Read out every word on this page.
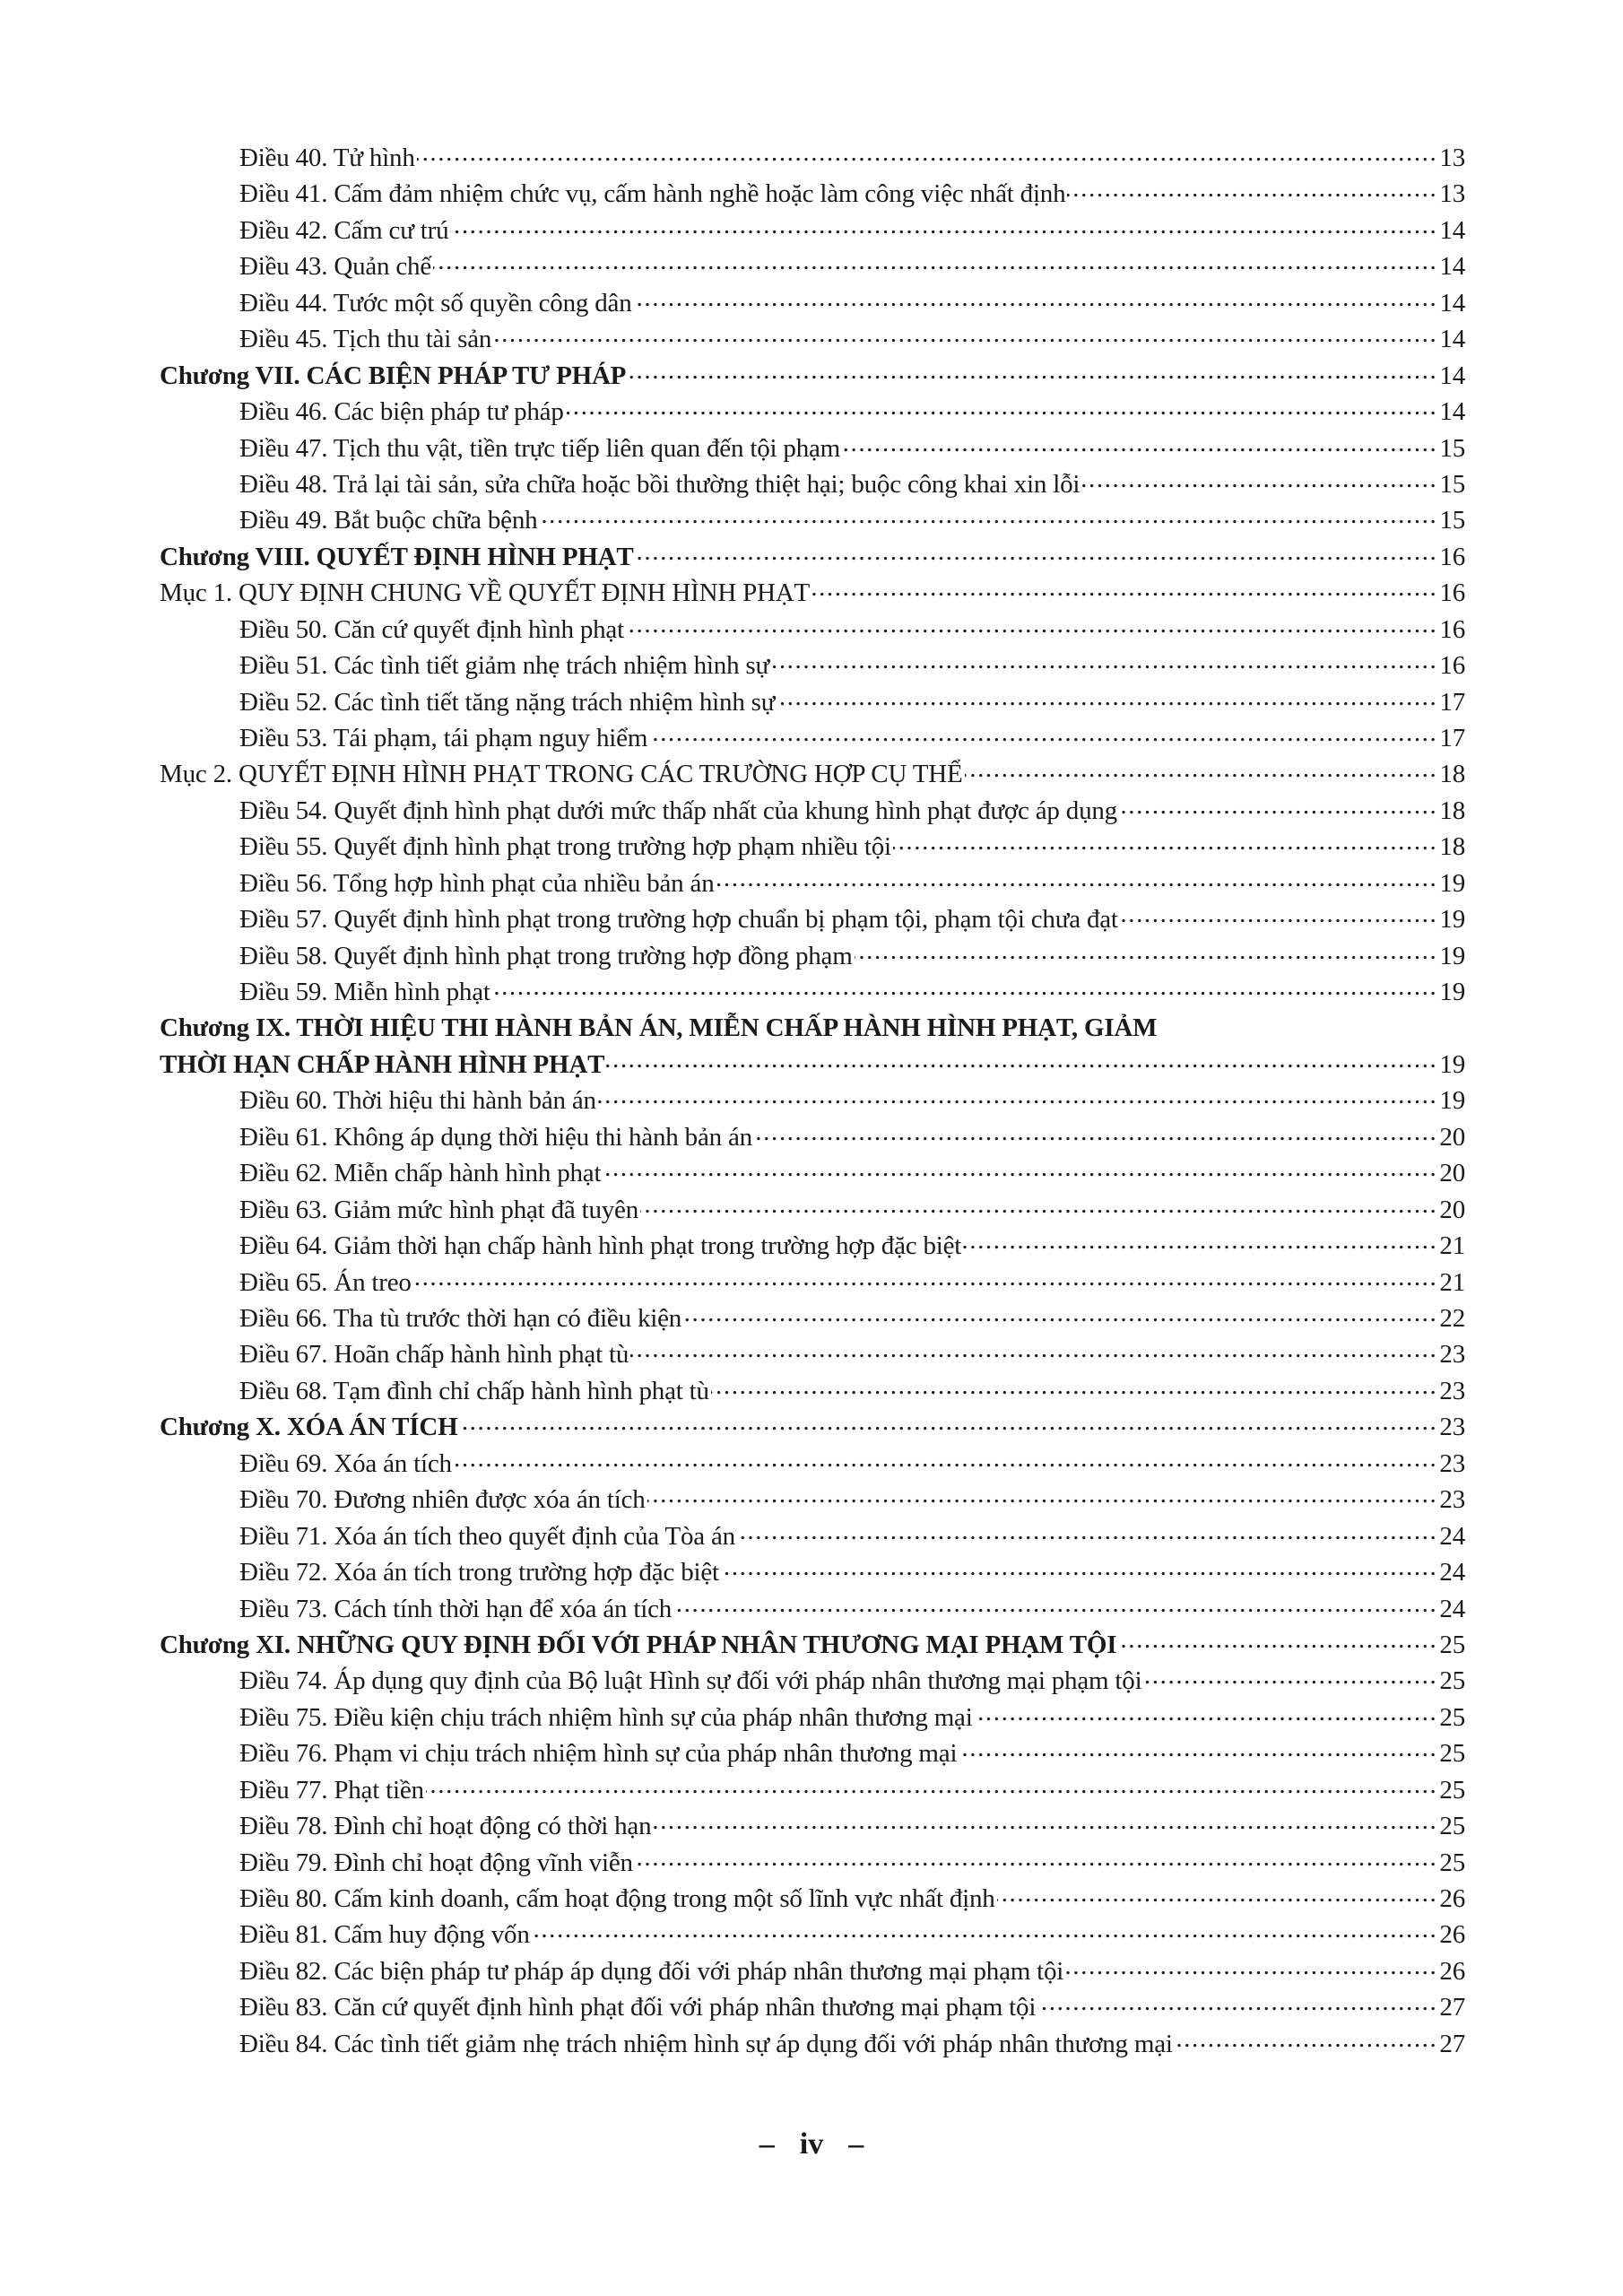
Điều 40. Tử hình .....	13
Điều 41. Cấm đảm nhiệm chức vụ, cấm hành nghề hoặc làm công việc nhất định .....	13
Điều 42. Cấm cư trú .....	14
Điều 43. Quản chế .....	14
Điều 44. Tước một số quyền công dân .....	14
Điều 45. Tịch thu tài sản .....	14
Chương VII. CÁC BIỆN PHÁP TƯ PHÁP .....	14
Điều 46. Các biện pháp tư pháp .....	14
Điều 47. Tịch thu vật, tiền trực tiếp liên quan đến tội phạm .....	15
Điều 48. Trả lại tài sản, sửa chữa hoặc bồi thường thiệt hại; buộc công khai xin lỗi .....	15
Điều 49. Bắt buộc chữa bệnh .....	15
Chương VIII. QUYẾT ĐỊNH HÌNH PHẠT .....	16
Mục 1. QUY ĐỊNH CHUNG VỀ QUYẾT ĐỊNH HÌNH PHẠT .....	16
Điều 50. Căn cứ quyết định hình phạt .....	16
Điều 51. Các tình tiết giảm nhẹ trách nhiệm hình sự .....	16
Điều 52. Các tình tiết tăng nặng trách nhiệm hình sự .....	17
Điều 53. Tái phạm, tái phạm nguy hiểm .....	17
Mục 2. QUYẾT ĐỊNH HÌNH PHẠT TRONG CÁC TRƯỜNG HỢP CỤ THỂ .....	18
Điều 54. Quyết định hình phạt dưới mức thấp nhất của khung hình phạt được áp dụng .....	18
Điều 55. Quyết định hình phạt trong trường hợp phạm nhiều tội .....	18
Điều 56. Tổng hợp hình phạt của nhiều bản án .....	19
Điều 57. Quyết định hình phạt trong trường hợp chuẩn bị phạm tội, phạm tội chưa đạt .....	19
Điều 58. Quyết định hình phạt trong trường hợp đồng phạm .....	19
Điều 59. Miễn hình phạt .....	19
Chương IX. THỜI HIỆU THI HÀNH BẢN ÁN, MIỄN CHẤP HÀNH HÌNH PHẠT, GIẢM
THỜI HẠN CHẤP HÀNH HÌNH PHẠT .....	19
Điều 60. Thời hiệu thi hành bản án .....	19
Điều 61. Không áp dụng thời hiệu thi hành bản án .....	20
Điều 62. Miễn chấp hành hình phạt .....	20
Điều 63. Giảm mức hình phạt đã tuyên .....	20
Điều 64. Giảm thời hạn chấp hành hình phạt trong trường hợp đặc biệt .....	21
Điều 65. Án treo .....	21
Điều 66. Tha tù trước thời hạn có điều kiện .....	22
Điều 67. Hoãn chấp hành hình phạt tù .....	23
Điều 68. Tạm đình chỉ chấp hành hình phạt tù .....	23
Chương X. XÓA ÁN TÍCH .....	23
Điều 69. Xóa án tích .....	23
Điều 70. Đương nhiên được xóa án tích .....	23
Điều 71. Xóa án tích theo quyết định của Tòa án .....	24
Điều 72. Xóa án tích trong trường hợp đặc biệt .....	24
Điều 73. Cách tính thời hạn để xóa án tích .....	24
Chương XI. NHỮNG QUY ĐỊNH ĐỐI VỚI PHÁP NHÂN THƯƠNG MẠI PHẠM TỘI .....	25
Điều 74. Áp dụng quy định của Bộ luật Hình sự đối với pháp nhân thương mại phạm tội .....	25
Điều 75. Điều kiện chịu trách nhiệm hình sự của pháp nhân thương mại .....	25
Điều 76. Phạm vi chịu trách nhiệm hình sự của pháp nhân thương mại .....	25
Điều 77. Phạt tiền .....	25
Điều 78. Đình chỉ hoạt động có thời hạn .....	25
Điều 79. Đình chỉ hoạt động vĩnh viễn .....	25
Điều 80. Cấm kinh doanh, cấm hoạt động trong một số lĩnh vực nhất định .....	26
Điều 81. Cấm huy động vốn .....	26
Điều 82. Các biện pháp tư pháp áp dụng đối với pháp nhân thương mại phạm tội .....	26
Điều 83. Căn cứ quyết định hình phạt đối với pháp nhân thương mại phạm tội .....	27
Điều 84. Các tình tiết giảm nhẹ trách nhiệm hình sự áp dụng đối với pháp nhân thương mại .....	27
– iv –
